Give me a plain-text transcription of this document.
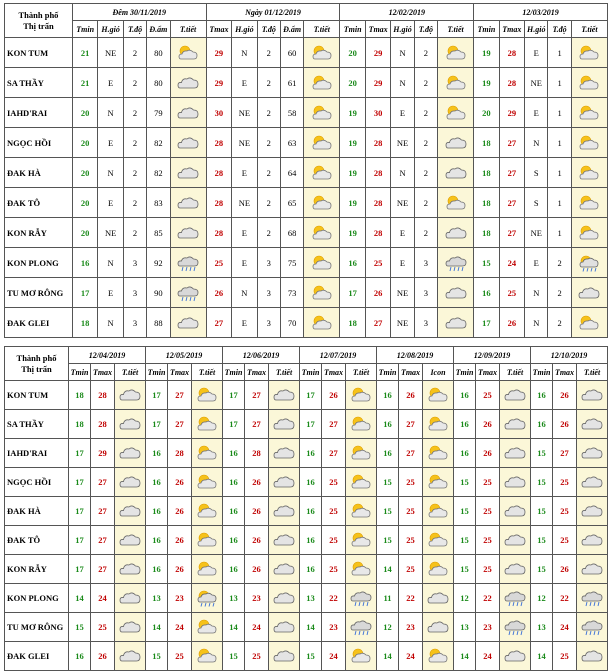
Thành phố
Thị trấn	Đêm 30/11/2019					Ngày 01/12/2019					12/02/2019					12/03/2019				
	Tmin	H.gió	T.độ	Đ.ẩm	T.tiết	Tmax	H.gió	T.độ	Đ.ẩm	T.tiết	Tmin	Tmax	H.gió	T.độ	T.tiết	Tmin	Tmax	H.gió	T.độ	T.tiết
KON TUM	21	NE	2	80		29	N	2	60		20	29	N	2		19	28	E	1	
SA THẦY	21	E	2	80		29	E	2	61		20	29	N	2		19	28	NE	1	
IAHD'RAI	20	N	2	79		30	NE	2	58		19	30	E	2		20	29	E	1	
NGỌC HỒI	20	E	2	82		28	NE	2	63		19	28	NE	2		18	27	N	1	
ĐAK HÀ	20	N	2	82		28	E	2	64		19	28	N	2		18	27	S	1	
ĐAK TÔ	20	E	2	83		28	NE	2	65		19	28	NE	2		18	27	S	1	
KON RẪY	20	NE	2	85		28	E	2	68		19	28	E	2		18	27	NE	1	
KON PLONG	16	N	3	92		25	E	3	75		16	25	E	3		15	24	E	2	
TU MƠ RÔNG	17	E	3	90		26	N	3	73		17	26	NE	3		16	25	N	2	
ĐAK GLEI	18	N	3	88		27	E	3	70		18	27	NE	3		17	26	N	2	
Thành phố
Thị trấn	12/04/2019			12/05/2019			12/06/2019			12/07/2019			12/08/2019			12/09/2019			12/10/2019		
	Tmin	Tmax	T.tiết	Tmin	Tmax	T.tiết	Tmin	Tmax	T.tiết	Tmin	Tmax	T.tiết	Tmin	Tmax	Icon	Tmin	Tmax	T.tiết	Tmin	Tmax	T.tiết
KON TUM	18	28		17	27		17	27		17	26		16	26		16	25		16	26	
SA THẦY	18	28		17	27		17	27		17	27		16	27		16	26		16	26	
IAHD'RAI	17	29		16	28		16	28		16	27		16	27		16	26		15	27	
NGỌC HỒI	17	27		16	26		16	26		16	25		15	25		15	25		15	25	
ĐAK HÀ	17	27		16	26		16	26		16	25		15	25		15	25		15	25	
ĐAK TÔ	17	27		16	26		16	26		16	25		15	25		15	25		15	25	
KON RẪY	17	27		16	26		16	26		16	25		14	25		15	25		15	26	
KON PLONG	14	24		13	23		13	23		13	22		11	22		12	22		12	22	
TU MƠ RÔNG	15	25		14	24		14	24		14	23		12	23		13	23		13	24	
ĐAK GLEI	16	26		15	25		15	25		15	24		14	24		14	24		14	25	
